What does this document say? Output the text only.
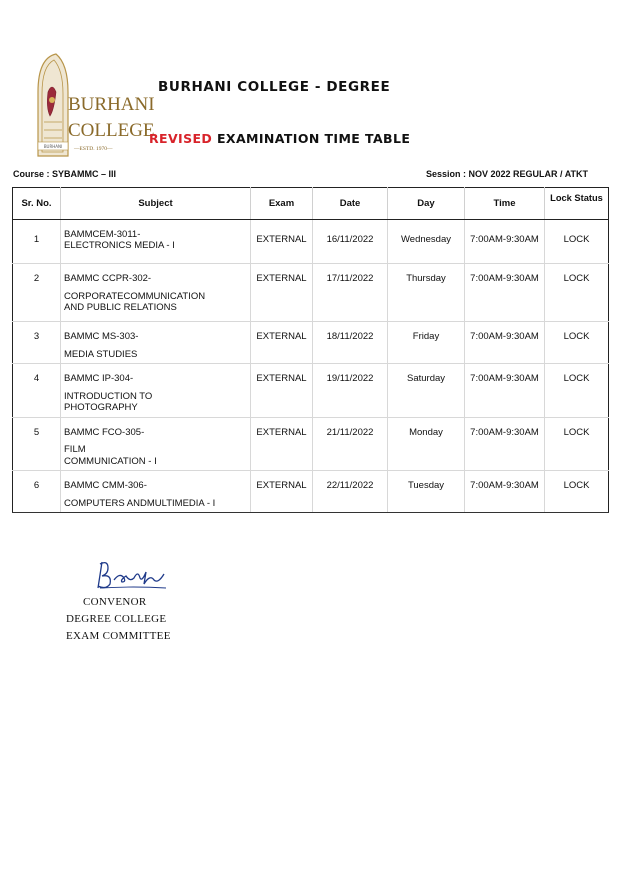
BURHANI
BURHANI
COLLEGE
—ESTD. 1970—
BURHANI COLLEGE - DEGREE
REVISED EXAMINATION TIME TABLE
Course : SYBAMMC – III	Session : NOV 2022 REGULAR / ATKT
Sr. No.	Subject	Exam	Date	Day	Time	Lock Status
1	BAMMCEM-3011-
ELECTRONICS MEDIA - I	EXTERNAL	16/11/2022	Wednesday	7:00AM-9:30AM	LOCK
2	BAMMC CCPR-302-
CORPORATECOMMUNICATION
AND PUBLIC RELATIONS	EXTERNAL	17/11/2022	Thursday	7:00AM-9:30AM	LOCK
3	BAMMC MS-303-
MEDIA STUDIES	EXTERNAL	18/11/2022	Friday	7:00AM-9:30AM	LOCK
4	BAMMC IP-304-
INTRODUCTION TO
PHOTOGRAPHY	EXTERNAL	19/11/2022	Saturday	7:00AM-9:30AM	LOCK
5	BAMMC FCO-305-
FILM
COMMUNICATION - I	EXTERNAL	21/11/2022	Monday	7:00AM-9:30AM	LOCK
6	BAMMC CMM-306-
COMPUTERS ANDMULTIMEDIA - I	EXTERNAL	22/11/2022	Tuesday	7:00AM-9:30AM	LOCK
CONVENOR
DEGREE COLLEGE
EXAM COMMITTEE
